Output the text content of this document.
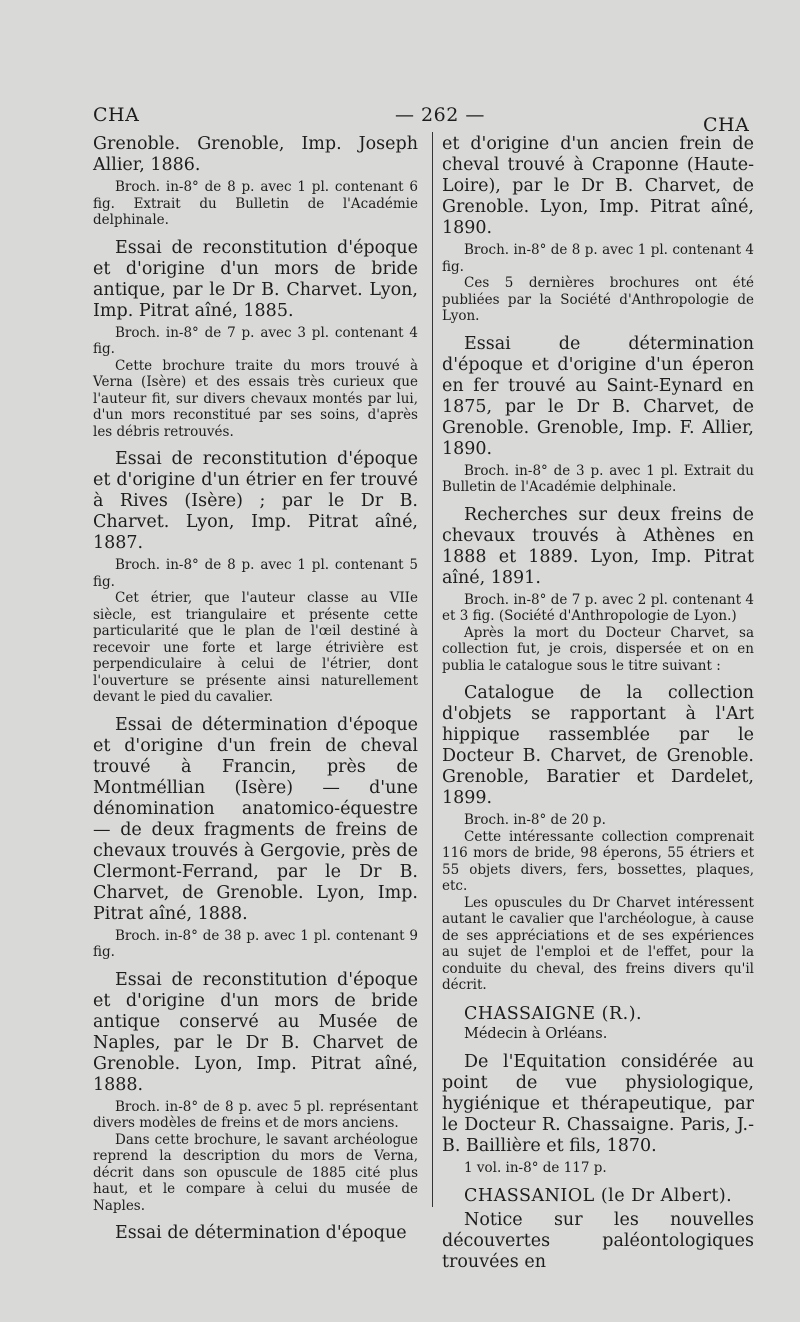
CHA	— 262 —	CHA

Grenoble. Grenoble, Imp. Joseph Allier, 1886.

Broch. in-8° de 8 p. avec 1 pl. contenant 6 fig. Extrait du Bulletin de l'Académie delphinale.

Essai de reconstitution d'époque et d'origine d'un mors de bride antique, par le Dr B. Charvet. Lyon, Imp. Pitrat aîné, 1885.

Broch. in-8° de 7 p. avec 3 pl. contenant 4 fig.

Cette brochure traite du mors trouvé à Verna (Isère) et des essais très curieux que l'auteur fit, sur divers chevaux montés par lui, d'un mors reconstitué par ses soins, d'après les débris retrouvés.

Essai de reconstitution d'époque et d'origine d'un étrier en fer trouvé à Rives (Isère) ; par le Dr B. Charvet. Lyon, Imp. Pitrat aîné, 1887.

Broch. in-8° de 8 p. avec 1 pl. contenant 5 fig.

Cet étrier, que l'auteur classe au VIIe siècle, est triangulaire et présente cette particularité que le plan de l'œil destiné à recevoir une forte et large étrivière est perpendiculaire à celui de l'étrier, dont l'ouverture se présente ainsi naturellement devant le pied du cavalier.

Essai de détermination d'époque et d'origine d'un frein de cheval trouvé à Francin, près de Montméllian (Isère) — d'une dénomination anatomico-équestre — de deux fragments de freins de chevaux trouvés à Gergovie, près de Clermont-Ferrand, par le Dr B. Charvet, de Grenoble. Lyon, Imp. Pitrat aîné, 1888.

Broch. in-8° de 38 p. avec 1 pl. contenant 9 fig.

Essai de reconstitution d'époque et d'origine d'un mors de bride antique conservé au Musée de Naples, par le Dr B. Charvet de Grenoble. Lyon, Imp. Pitrat aîné, 1888.

Broch. in-8° de 8 p. avec 5 pl. représentant divers modèles de freins et de mors anciens.

Dans cette brochure, le savant archéologue reprend la description du mors de Verna, décrit dans son opuscule de 1885 cité plus haut, et le compare à celui du musée de Naples.

Essai de détermination d'époque

et d'origine d'un ancien frein de cheval trouvé à Craponne (Haute-Loire), par le Dr B. Charvet, de Grenoble. Lyon, Imp. Pitrat aîné, 1890.

Broch. in-8° de 8 p. avec 1 pl. contenant 4 fig.

Ces 5 dernières brochures ont été publiées par la Société d'Anthropologie de Lyon.

Essai de détermination d'époque et d'origine d'un éperon en fer trouvé au Saint-Eynard en 1875, par le Dr B. Charvet, de Grenoble. Grenoble, Imp. F. Allier, 1890.

Broch. in-8° de 3 p. avec 1 pl. Extrait du Bulletin de l'Académie delphinale.

Recherches sur deux freins de chevaux trouvés à Athènes en 1888 et 1889. Lyon, Imp. Pitrat aîné, 1891.

Broch. in-8° de 7 p. avec 2 pl. contenant 4 et 3 fig. (Société d'Anthropologie de Lyon.)

Après la mort du Docteur Charvet, sa collection fut, je crois, dispersée et on en publia le catalogue sous le titre suivant :

Catalogue de la collection d'objets se rapportant à l'Art hippique rassemblée par le Docteur B. Charvet, de Grenoble. Grenoble, Baratier et Dardelet, 1899.

Broch. in-8° de 20 p.

Cette intéressante collection comprenait 116 mors de bride, 98 éperons, 55 étriers et 55 objets divers, fers, bossettes, plaques, etc.

Les opuscules du Dr Charvet intéressent autant le cavalier que l'archéologue, à cause de ses appréciations et de ses expériences au sujet de l'emploi et de l'effet, pour la conduite du cheval, des freins divers qu'il décrit.

CHASSAIGNE (R.).

Médecin à Orléans.

De l'Equitation considérée au point de vue physiologique, hygiénique et thérapeutique, par le Docteur R. Chassaigne. Paris, J.-B. Baillière et fils, 1870.

1 vol. in-8° de 117 p.

CHASSANIOL (le Dr Albert).

Notice sur les nouvelles découvertes paléontologiques trouvées en
